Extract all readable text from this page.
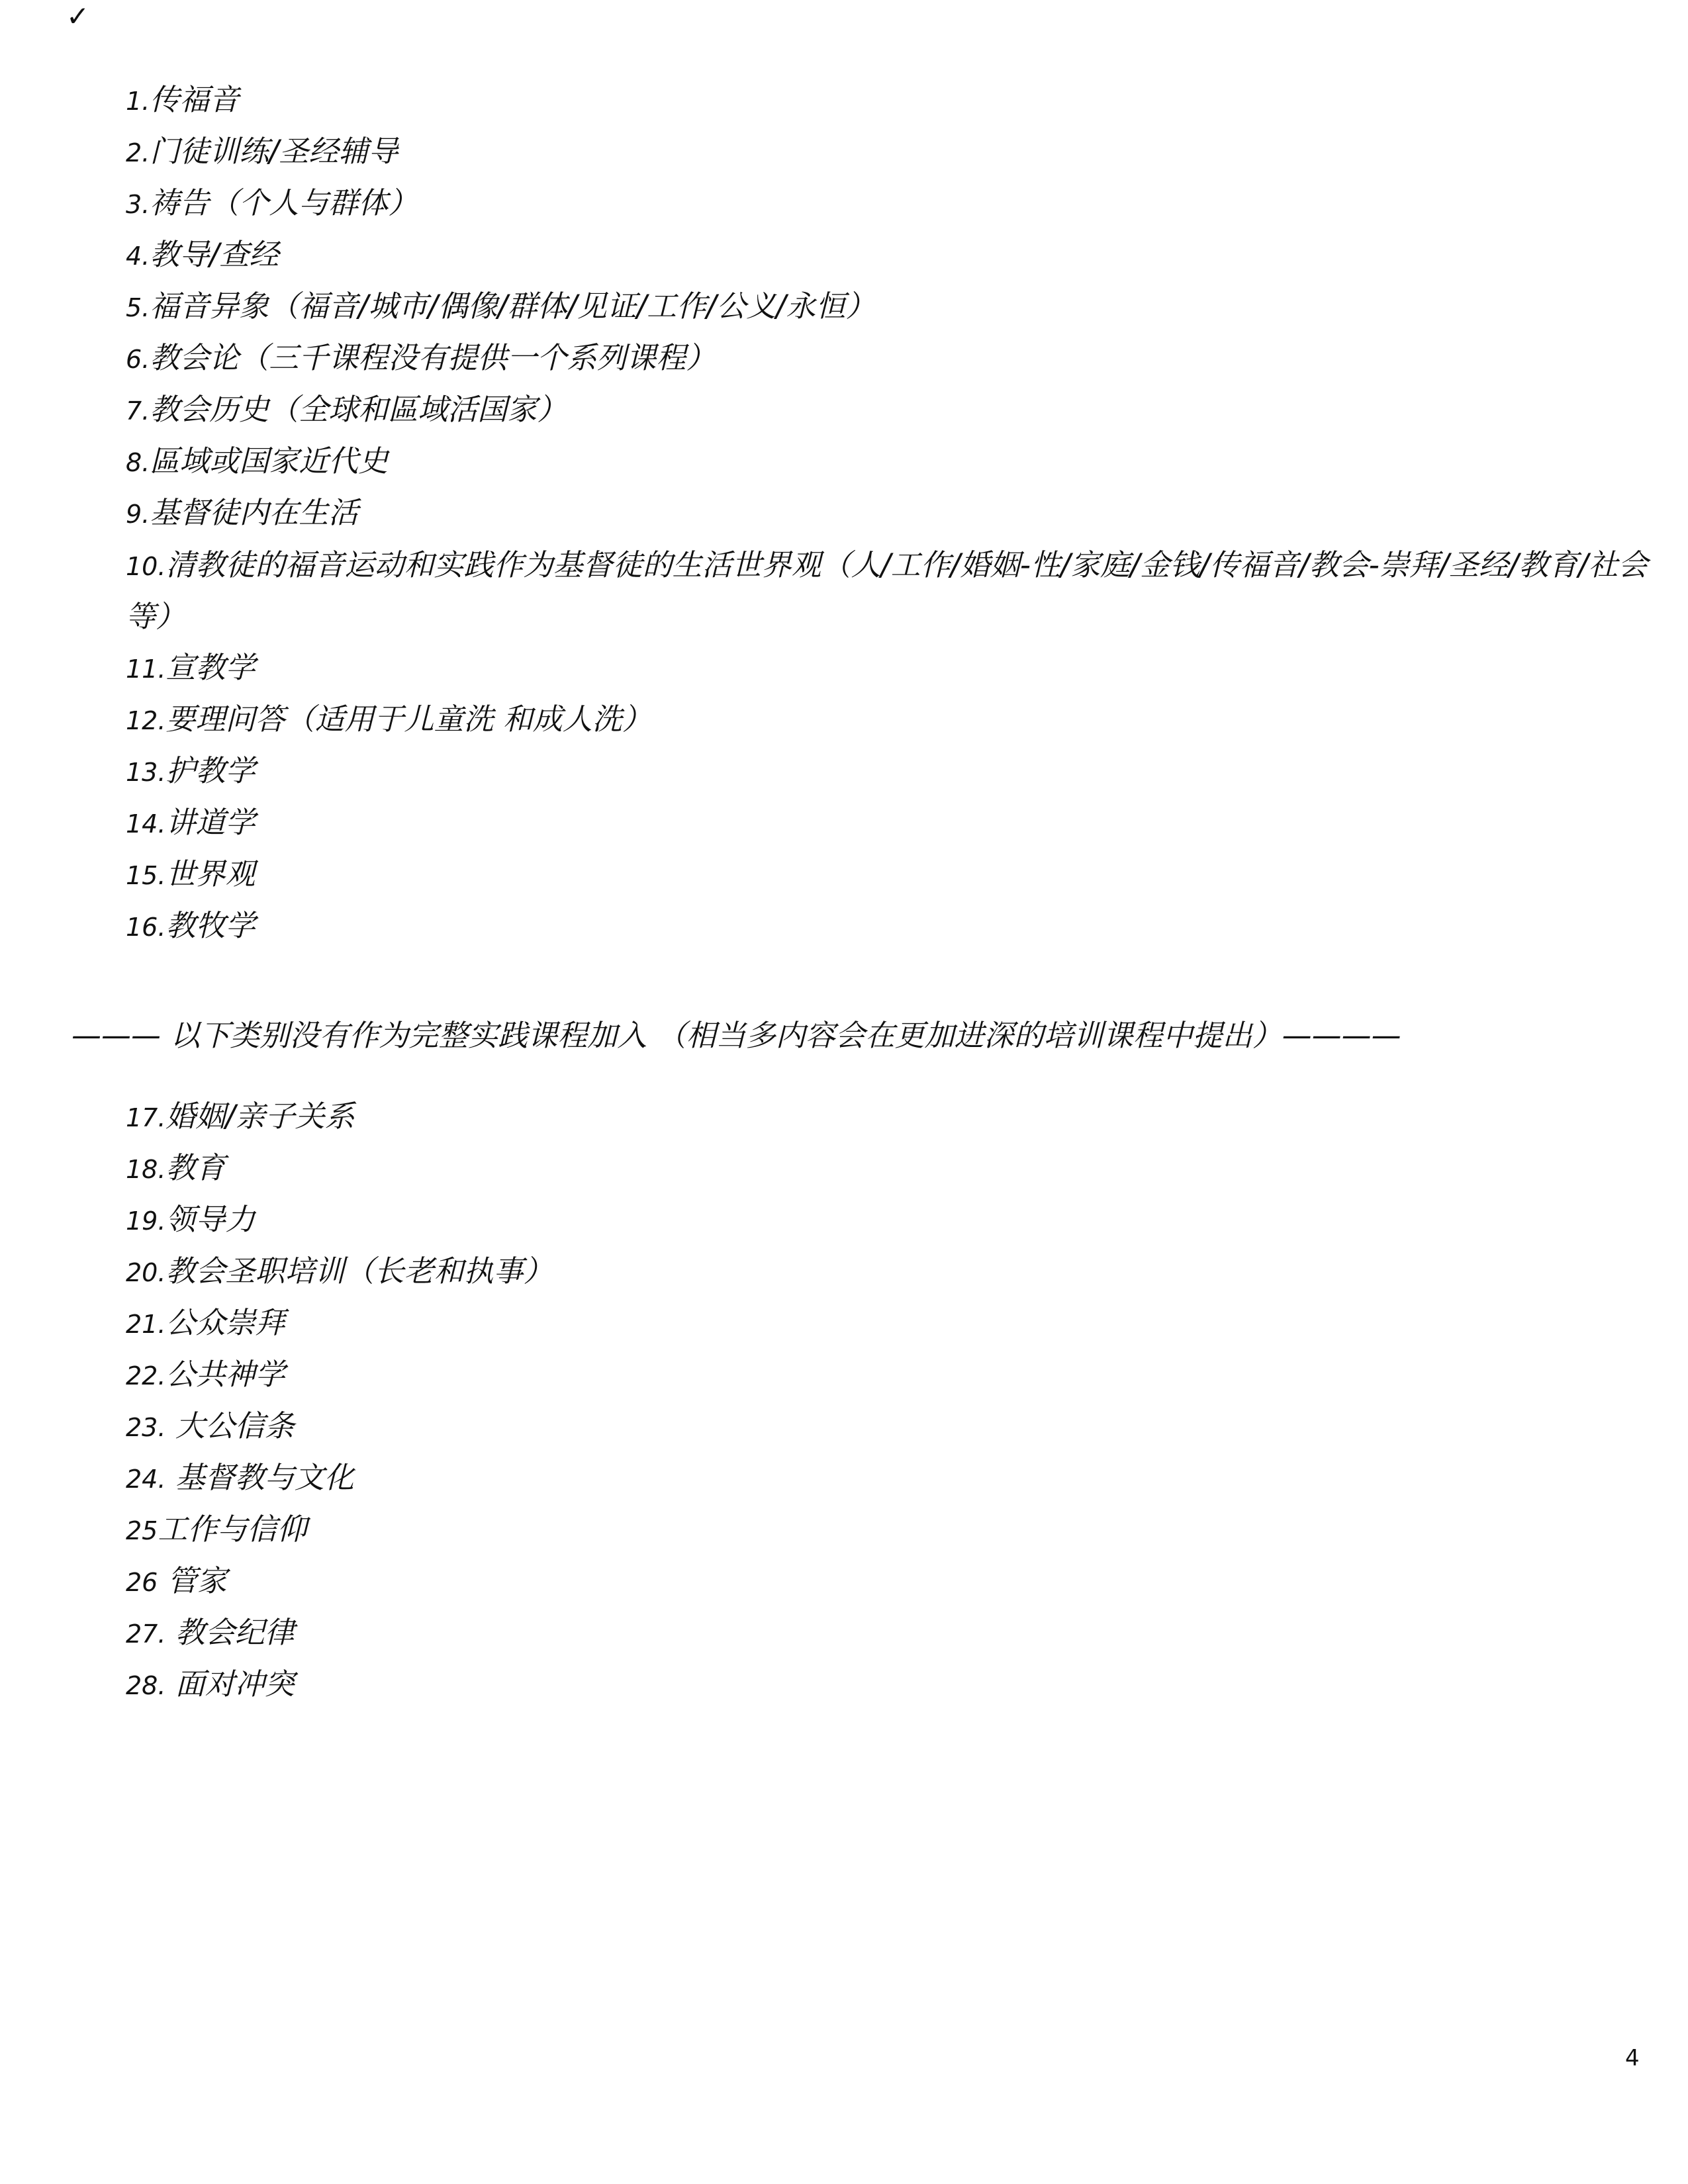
✓
1.传福音
2.门徒训练/圣经辅导
3.祷告（个人与群体）
4.教导/查经
5.福音异象（福音/城市/偶像/群体/见证/工作/公义/永恒）
6.教会论（三千课程没有提供一个系列课程）
7.教会历史（全球和區域活国家）
8.區域或国家近代史
9.基督徒内在生活
10.清教徒的福音运动和实践作为基督徒的生活世界观（人/工作/婚姻-性/家庭/金钱/传福音/教会-崇拜/圣经/教育/社会等）
11.宣教学
12.要理问答（适用于儿童洗 和成人洗）
13.护教学
14.讲道学
15.世界观
16.教牧学
——— 以下类别没有作为完整实践课程加入 （相当多内容会在更加进深的培训课程中提出）————
17.婚姻/亲子关系
18.教育
19.领导力
20.教会圣职培训（长老和执事）
21.公众崇拜
22.公共神学
23. 大公信条
24. 基督教与文化
25工作与信仰
26 管家
27. 教会纪律
28. 面对冲突
4
